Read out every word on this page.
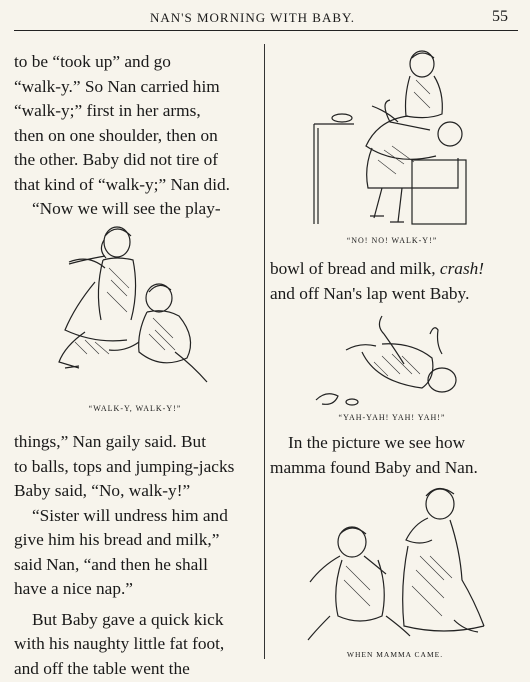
NAN'S MORNING WITH BABY.	55

to be “took up” and go

“walk-y.” So Nan carried him

“walk-y;” first in her arms,

then on one shoulder, then on

the other. Baby did not tire of

that kind of “walk-y;” Nan did.

“Now we will see the play-

“WALK-Y, WALK-Y!”

things,” Nan gaily said. But

to balls, tops and jumping-jacks

Baby said, “No, walk-y!”

“Sister will undress him and

give him his bread and milk,”

said Nan, “and then he shall

have a nice nap.”

But Baby gave a quick kick

with his naughty little fat foot,

and off the table went the

“NO! NO! WALK-Y!”

bowl of bread and milk, crash!

and off Nan's lap went Baby.

“YAH-YAH! YAH! YAH!”

In the picture we see how

mamma found Baby and Nan.

WHEN MAMMA CAME.
